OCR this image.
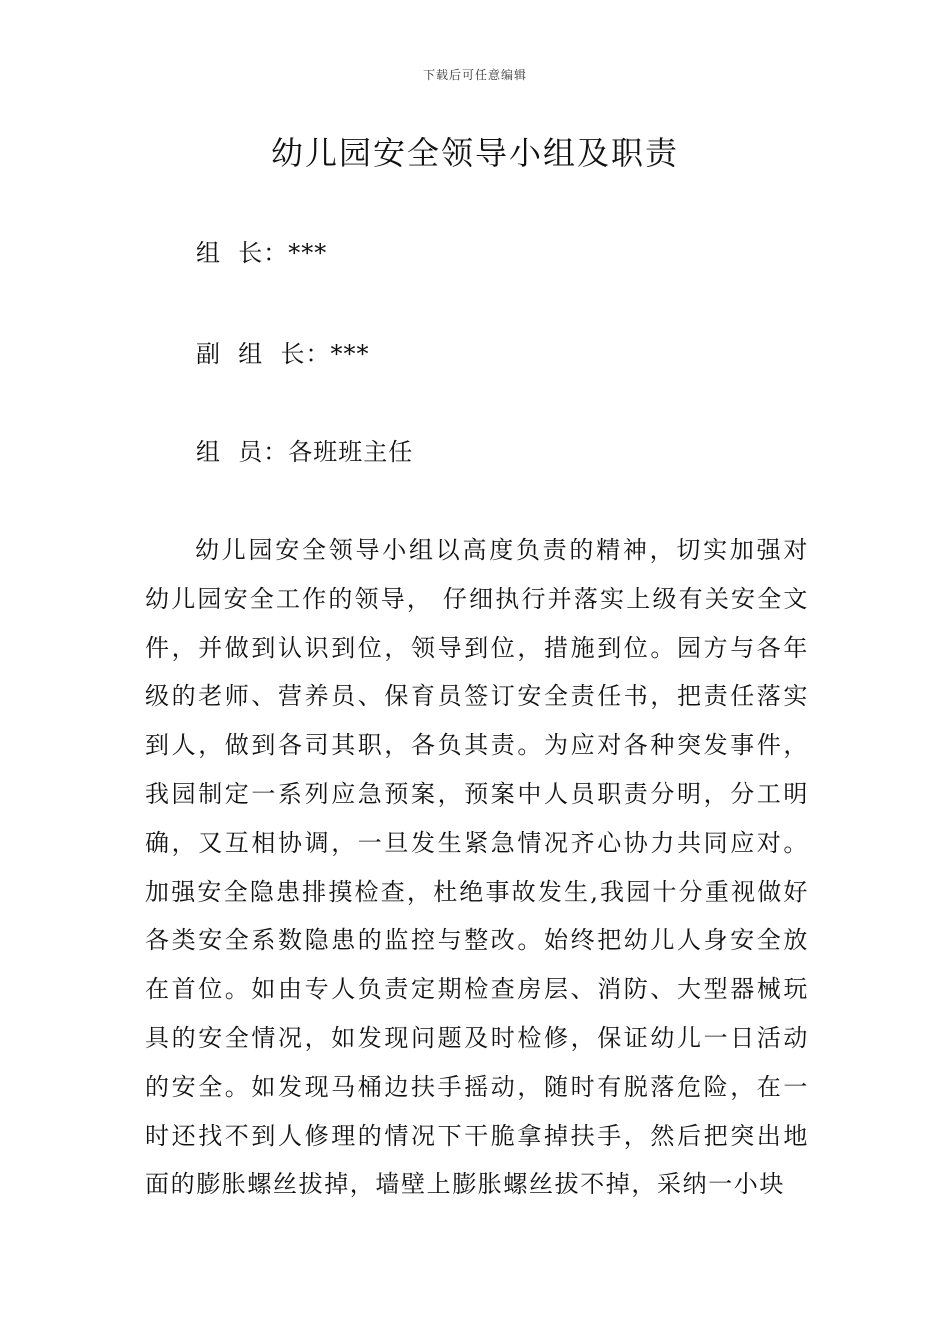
下载后可任意编辑
幼儿园安全领导小组及职责

组  长：***

副  组  长：***

组  员：各班班主任

幼儿园安全领导小组以高度负责的精神，切实加强对幼儿园安全工作的领导， 仔细执行并落实上级有关安全文件，并做到认识到位，领导到位，措施到位。园方与各年级的老师、营养员、保育员签订安全责任书，把责任落实到人，做到各司其职，各负其责。为应对各种突发事件，我园制定一系列应急预案，预案中人员职责分明，分工明确，又互相协调，一旦发生紧急情况齐心协力共同应对。加强安全隐患排摸检查，杜绝事故发生,我园十分重视做好各类安全系数隐患的监控与整改。始终把幼儿人身安全放在首位。如由专人负责定期检查房层、消防、大型器械玩具的安全情况，如发现问题及时检修，保证幼儿一日活动的安全。如发现马桶边扶手摇动，随时有脱落危险，在一时还找不到人修理的情况下干脆拿掉扶手，然后把突出地面的膨胀螺丝拔掉，墙壁上膨胀螺丝拔不掉，采纳一小块
